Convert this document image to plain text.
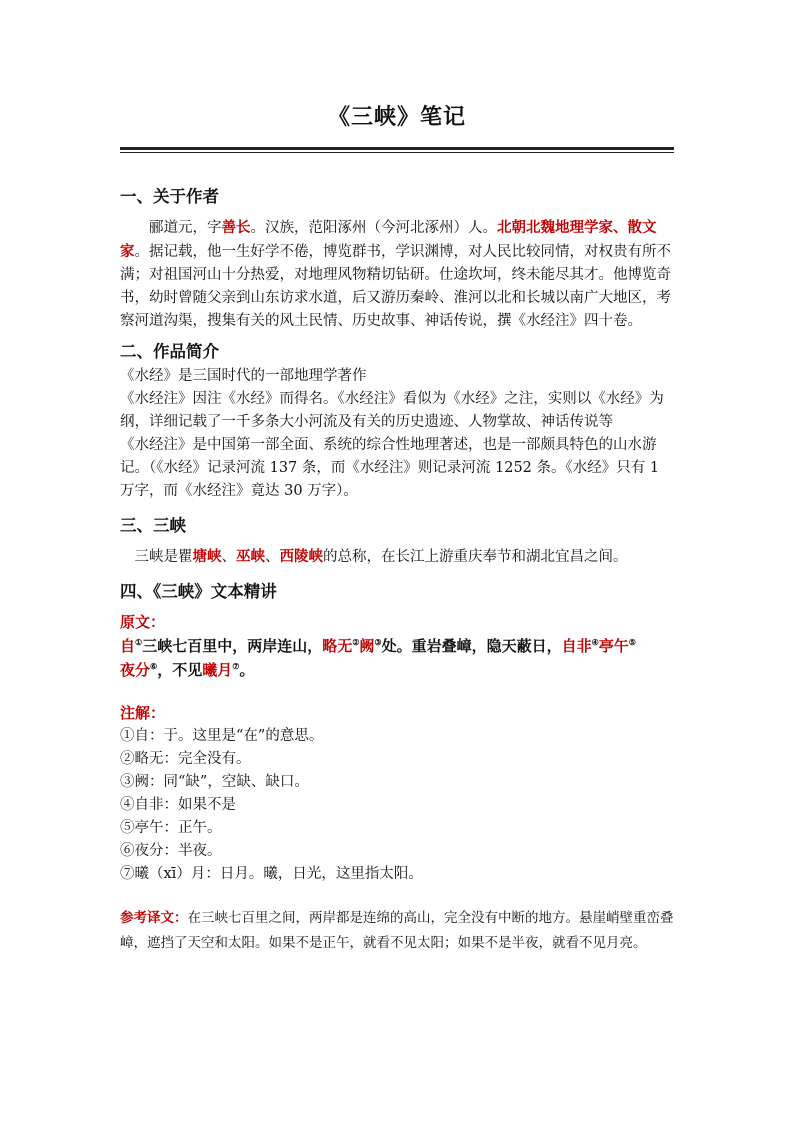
《三峡》笔记
一、关于作者

郦道元，字善长。汉族，范阳涿州（今河北涿州）人。北朝北魏地理学家、散文家。据记载，他一生好学不倦，博览群书，学识渊博，对人民比较同情，对权贵有所不满；对祖国河山十分热爱，对地理风物精切钻研。仕途坎坷，终未能尽其才。他博览奇书，幼时曾随父亲到山东访求水道，后又游历秦岭、淮河以北和长城以南广大地区，考察河道沟渠，搜集有关的风土民情、历史故事、神话传说，撰《水经注》四十卷。

二、作品简介

《水经》是三国时代的一部地理学著作

《水经注》因注《水经》而得名。《水经注》看似为《水经》之注，实则以《水经》为纲，详细记载了一千多条大小河流及有关的历史遗迹、人物掌故、神话传说等

《水经注》是中国第一部全面、系统的综合性地理著述，也是一部颇具特色的山水游记。（《水经》记录河流 137 条，而《水经注》则记录河流 1252 条。《水经》只有 1 万字，而《水经注》竟达 30 万字）。

三、三峡

三峡是瞿塘峡、巫峡、西陵峡的总称，在长江上游重庆奉节和湖北宜昌之间。

四、《三峡》文本精讲

原文：

自①三峡七百里中，两岸连山，略无②阙③处。重岩叠嶂，隐天蔽日，自非④亭午⑤
夜分⑥，不见曦月⑦。

注解：

①自：于。这里是“在”的意思。

②略无：完全没有。

③阙：同“缺”，空缺、缺口。

④自非：如果不是

⑤亭午：正午。

⑥夜分：半夜。

⑦曦（xī）月：日月。曦，日光，这里指太阳。

参考译文：在三峡七百里之间，两岸都是连绵的高山，完全没有中断的地方。悬崖峭壁重峦叠嶂，遮挡了天空和太阳。如果不是正午，就看不见太阳；如果不是半夜，就看不见月亮。
